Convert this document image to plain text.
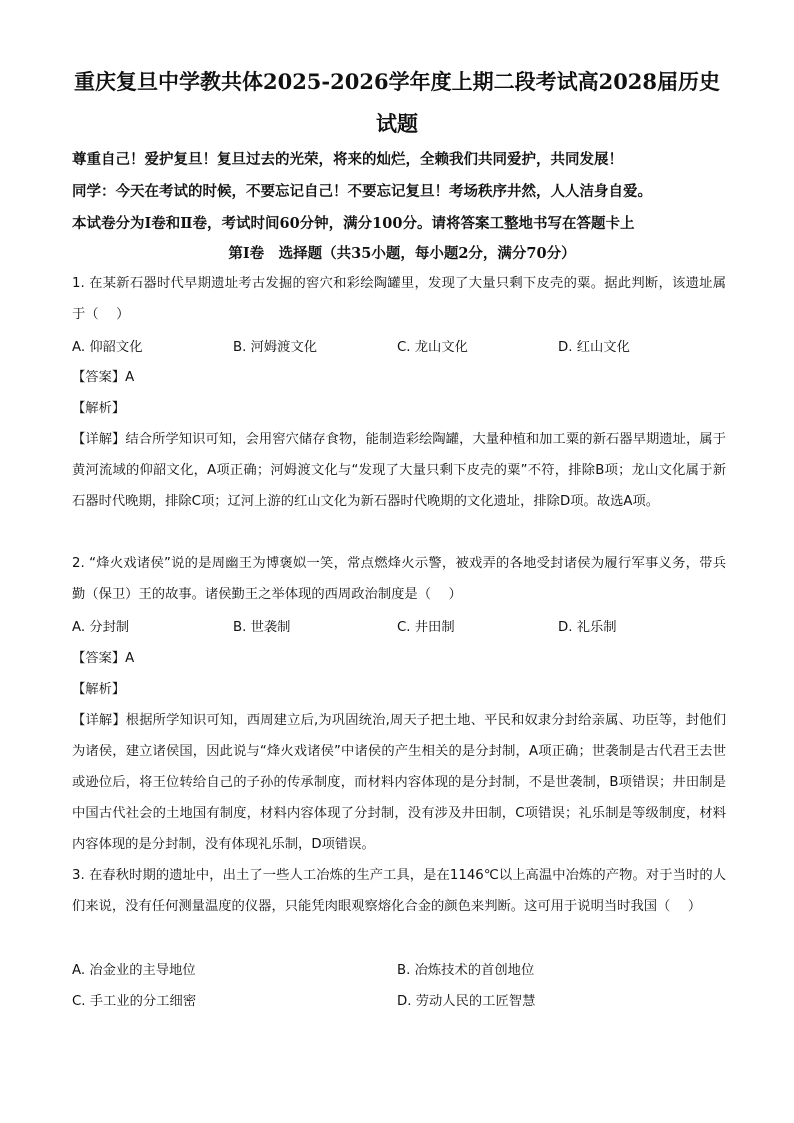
重庆复旦中学教共体2025-2026学年度上期二段考试高2028届历史
试题
尊重自己！爱护复旦！复旦过去的光荣，将来的灿烂，全赖我们共同爱护，共同发展！
同学：今天在考试的时候，不要忘记自己！不要忘记复旦！考场秩序井然，人人洁身自爱。
本试卷分为Ⅰ卷和Ⅱ卷，考试时间60分钟，满分100分。请将答案工整地书写在答题卡上
第Ⅰ卷　选择题（共35小题，每小题2分，满分70分）
1. 在某新石器时代早期遗址考古发掘的窖穴和彩绘陶罐里，发现了大量只剩下皮壳的粟。据此判断，该遗址属于（　 ）
A. 仰韶文化	B. 河姆渡文化	C. 龙山文化	D. 红山文化
【答案】A
【解析】
【详解】结合所学知识可知，会用窖穴储存食物，能制造彩绘陶罐，大量种植和加工粟的新石器早期遗址，属于黄河流域的仰韶文化，A项正确；河姆渡文化与“发现了大量只剩下皮壳的粟”不符，排除B项；龙山文化属于新石器时代晚期，排除C项；辽河上游的红山文化为新石器时代晚期的文化遗址，排除D项。故选A项。
2. “烽火戏诸侯”说的是周幽王为博褒姒一笑，常点燃烽火示警，被戏弄的各地受封诸侯为履行军事义务，带兵勤（保卫）王的故事。诸侯勤王之举体现的西周政治制度是（　 ）
A. 分封制	B. 世袭制	C. 井田制	D. 礼乐制
【答案】A
【解析】
【详解】根据所学知识可知，西周建立后,为巩固统治,周天子把土地、平民和奴隶分封给亲属、功臣等，封他们为诸侯，建立诸侯国，因此说与“烽火戏诸侯”中诸侯的产生相关的是分封制，A项正确；世袭制是古代君王去世或逊位后，将王位转给自己的子孙的传承制度，而材料内容体现的是分封制，不是世袭制，B项错误；井田制是中国古代社会的土地国有制度，材料内容体现了分封制，没有涉及井田制，C项错误；礼乐制是等级制度，材料内容体现的是分封制，没有体现礼乐制，D项错误。
3. 在春秋时期的遗址中，出土了一些人工冶炼的生产工具，是在1146℃以上高温中冶炼的产物。对于当时的人们来说，没有任何测量温度的仪器，只能凭肉眼观察熔化合金的颜色来判断。这可用于说明当时我国（　 ）
A. 冶金业的主导地位	B. 冶炼技术的首创地位
C. 手工业的分工细密	D. 劳动人民的工匠智慧
